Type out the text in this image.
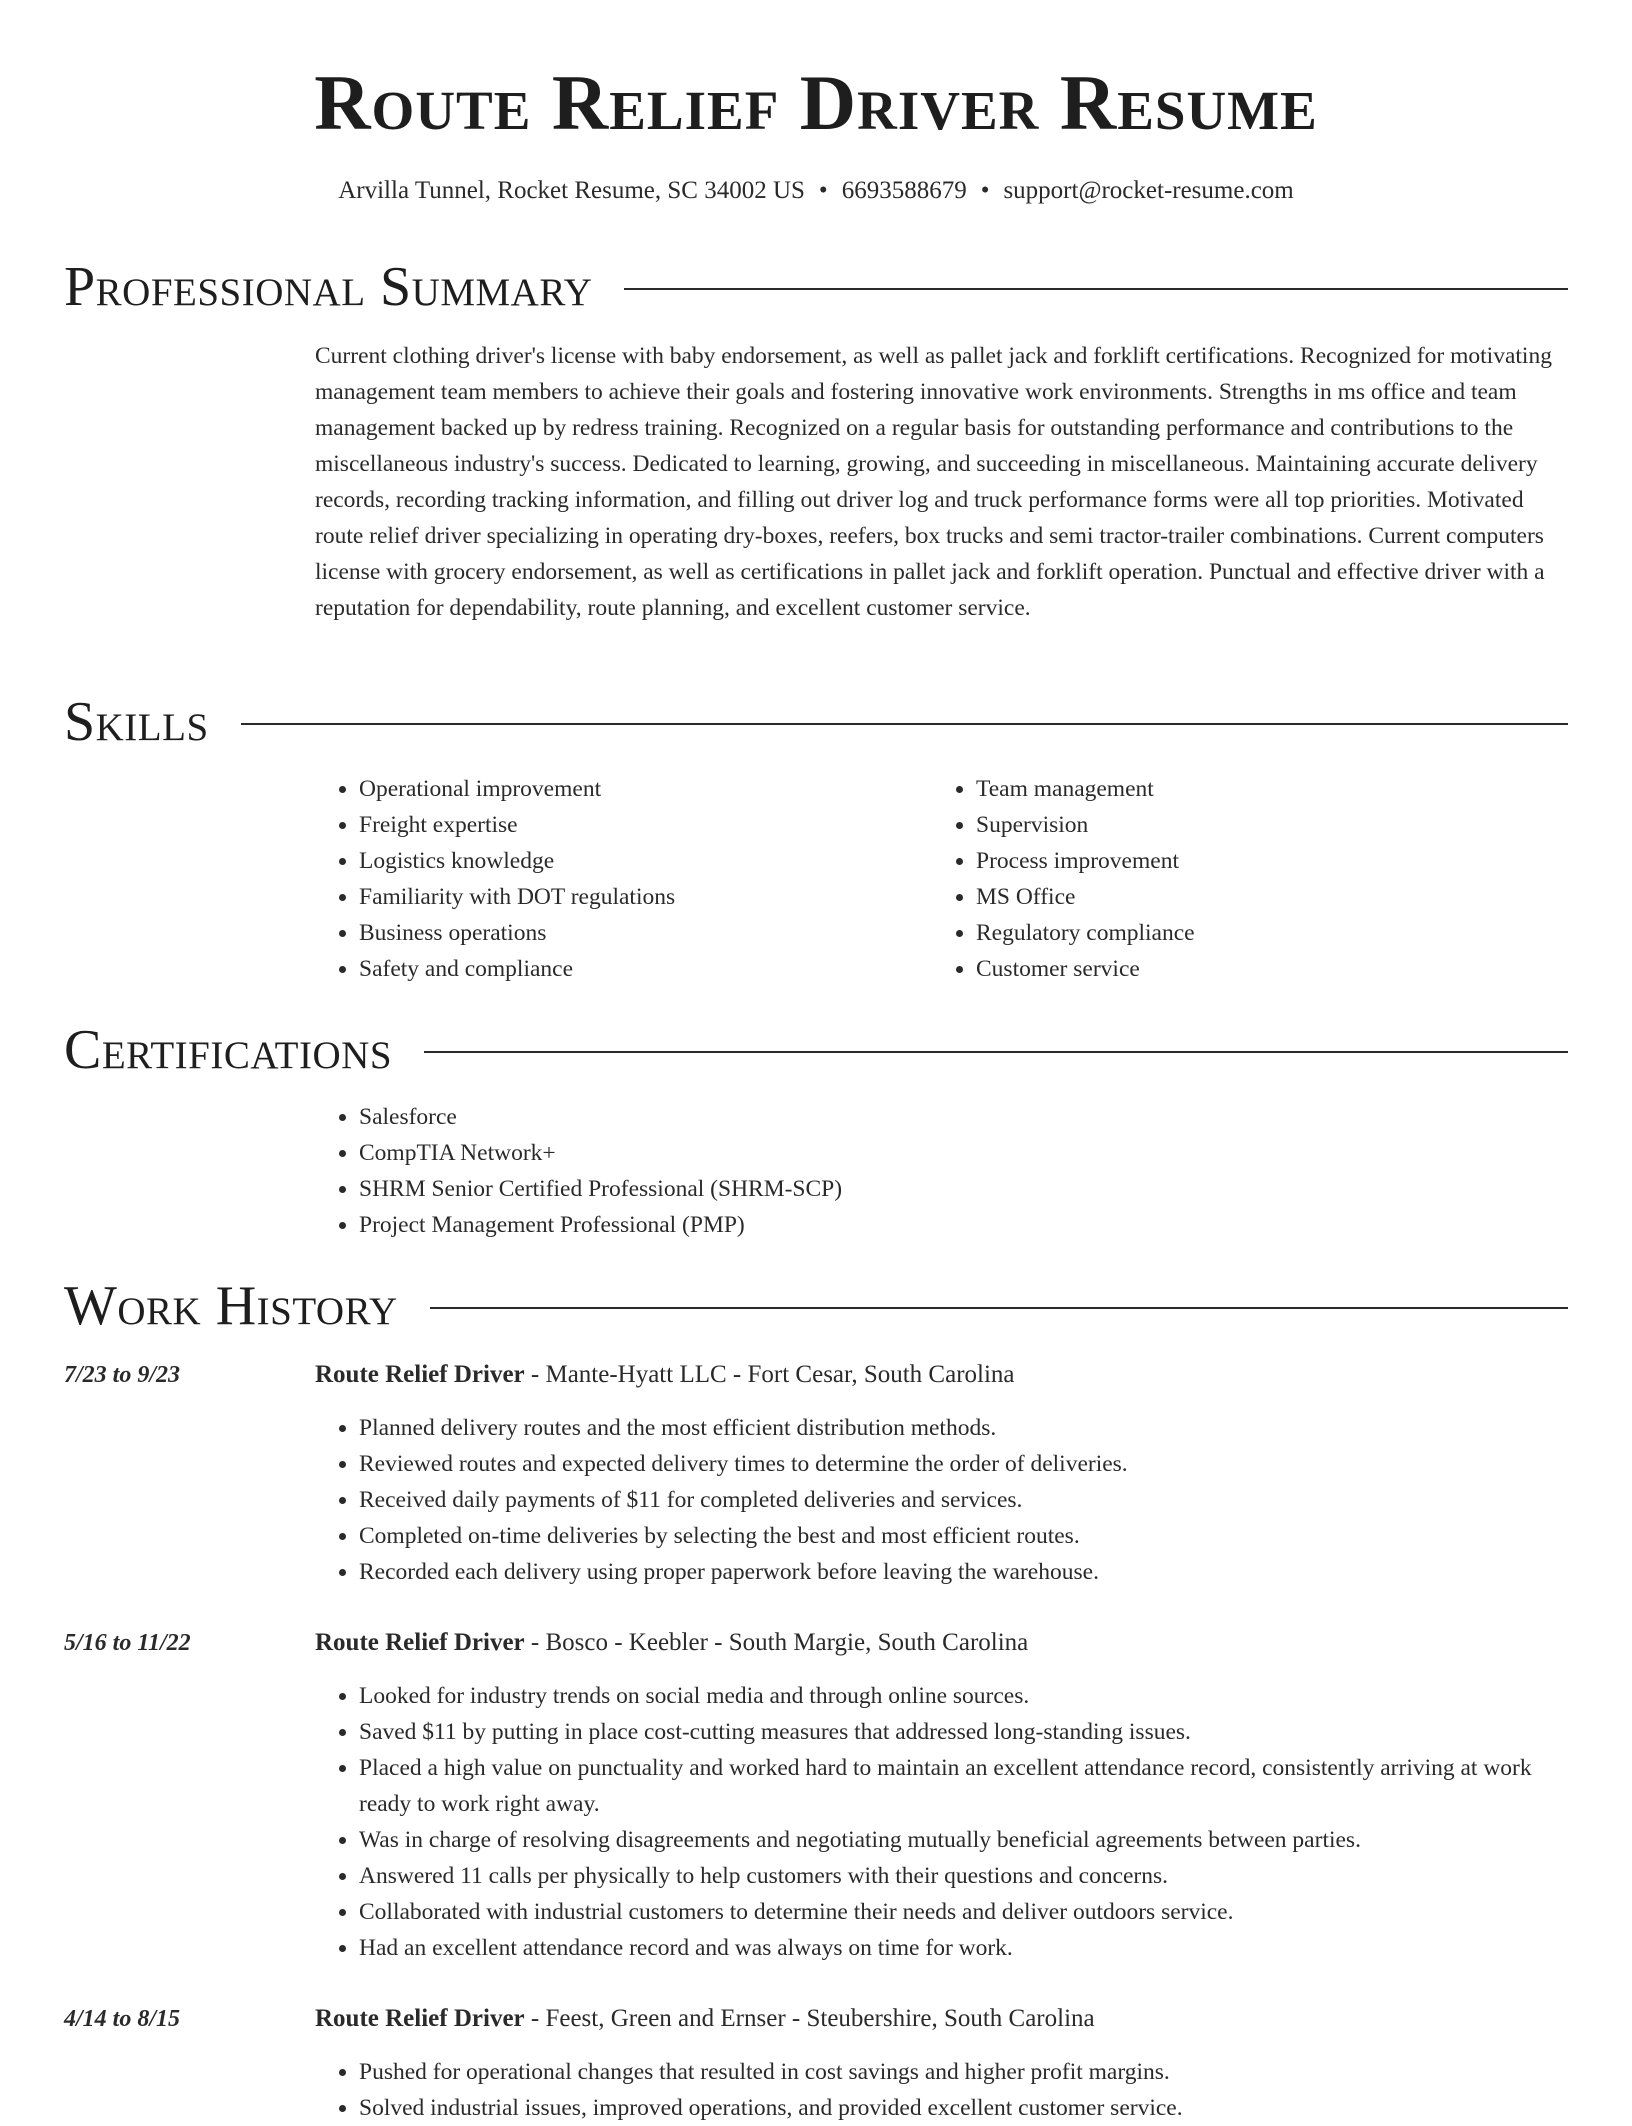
Route Relief Driver Resume
Arvilla Tunnel, Rocket Resume, SC 34002 US • 6693588679 • support@rocket-resume.com
Professional Summary

Current clothing driver's license with baby endorsement, as well as pallet jack and forklift certifications. Recognized for motivating management team members to achieve their goals and fostering innovative work environments. Strengths in ms office and team management backed up by redress training. Recognized on a regular basis for outstanding performance and contributions to the miscellaneous industry's success. Dedicated to learning, growing, and succeeding in miscellaneous. Maintaining accurate delivery records, recording tracking information, and filling out driver log and truck performance forms were all top priorities. Motivated route relief driver specializing in operating dry-boxes, reefers, box trucks and semi tractor-trailer combinations. Current computers license with grocery endorsement, as well as certifications in pallet jack and forklift operation. Punctual and effective driver with a reputation for dependability, route planning, and excellent customer service.

Skills
• Operational improvement
• Freight expertise
• Logistics knowledge
• Familiarity with DOT regulations
• Business operations
• Safety and compliance
• Team management
• Supervision
• Process improvement
• MS Office
• Regulatory compliance
• Customer service
Certifications
• Salesforce
• CompTIA Network+
• SHRM Senior Certified Professional (SHRM-SCP)
• Project Management Professional (PMP)
Work History
7/23 to 9/23	Route Relief Driver - Mante-Hyatt LLC - Fort Cesar, South Carolina
• Planned delivery routes and the most efficient distribution methods.
• Reviewed routes and expected delivery times to determine the order of deliveries.
• Received daily payments of $11 for completed deliveries and services.
• Completed on-time deliveries by selecting the best and most efficient routes.
• Recorded each delivery using proper paperwork before leaving the warehouse.
5/16 to 11/22	Route Relief Driver - Bosco - Keebler - South Margie, South Carolina
• Looked for industry trends on social media and through online sources.
• Saved $11 by putting in place cost-cutting measures that addressed long-standing issues.
• Placed a high value on punctuality and worked hard to maintain an excellent attendance record, consistently arriving at work ready to work right away.
• Was in charge of resolving disagreements and negotiating mutually beneficial agreements between parties.
• Answered 11 calls per physically to help customers with their questions and concerns.
• Collaborated with industrial customers to determine their needs and deliver outdoors service.
• Had an excellent attendance record and was always on time for work.
4/14 to 8/15	Route Relief Driver - Feest, Green and Ernser - Steubershire, South Carolina
• Pushed for operational changes that resulted in cost savings and higher profit margins.
• Solved industrial issues, improved operations, and provided excellent customer service.
